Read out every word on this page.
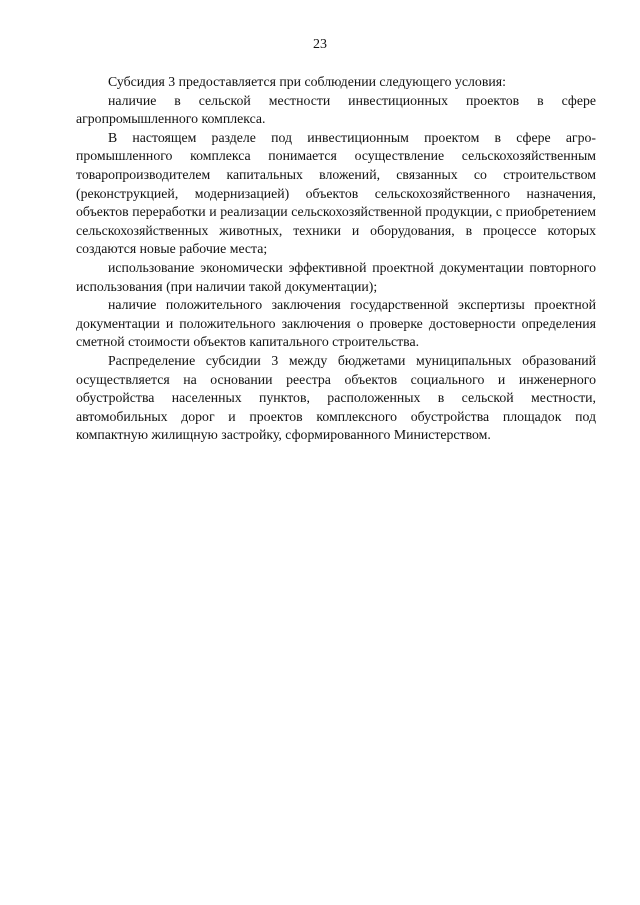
23

Субсидия 3 предоставляется при соблюдении следующего условия:

наличие в сельской местности инвестиционных проектов в сфере агропромышленного комплекса.

В настоящем разделе под инвестиционным проектом в сфере агро-промышленного комплекса понимается осуществление сельскохозяйственным товаропроизводителем капитальных вложений, связанных со строительством (реконструкцией, модернизацией) объектов сельскохозяйственного назначения, объектов переработки и реализации сельскохозяйственной продукции, с приобретением сельскохозяйственных животных, техники и оборудования, в процессе которых создаются новые рабочие места;

использование экономически эффективной проектной документации повторного использования (при наличии такой документации);

наличие положительного заключения государственной экспертизы проектной документации и положительного заключения о проверке достоверности определения сметной стоимости объектов капитального строительства.

Распределение субсидии 3 между бюджетами муниципальных образований осуществляется на основании реестра объектов социального и инженерного обустройства населенных пунктов, расположенных в сельской местности, автомобильных дорог и проектов комплексного обустройства площадок под компактную жилищную застройку, сформированного Министерством.
